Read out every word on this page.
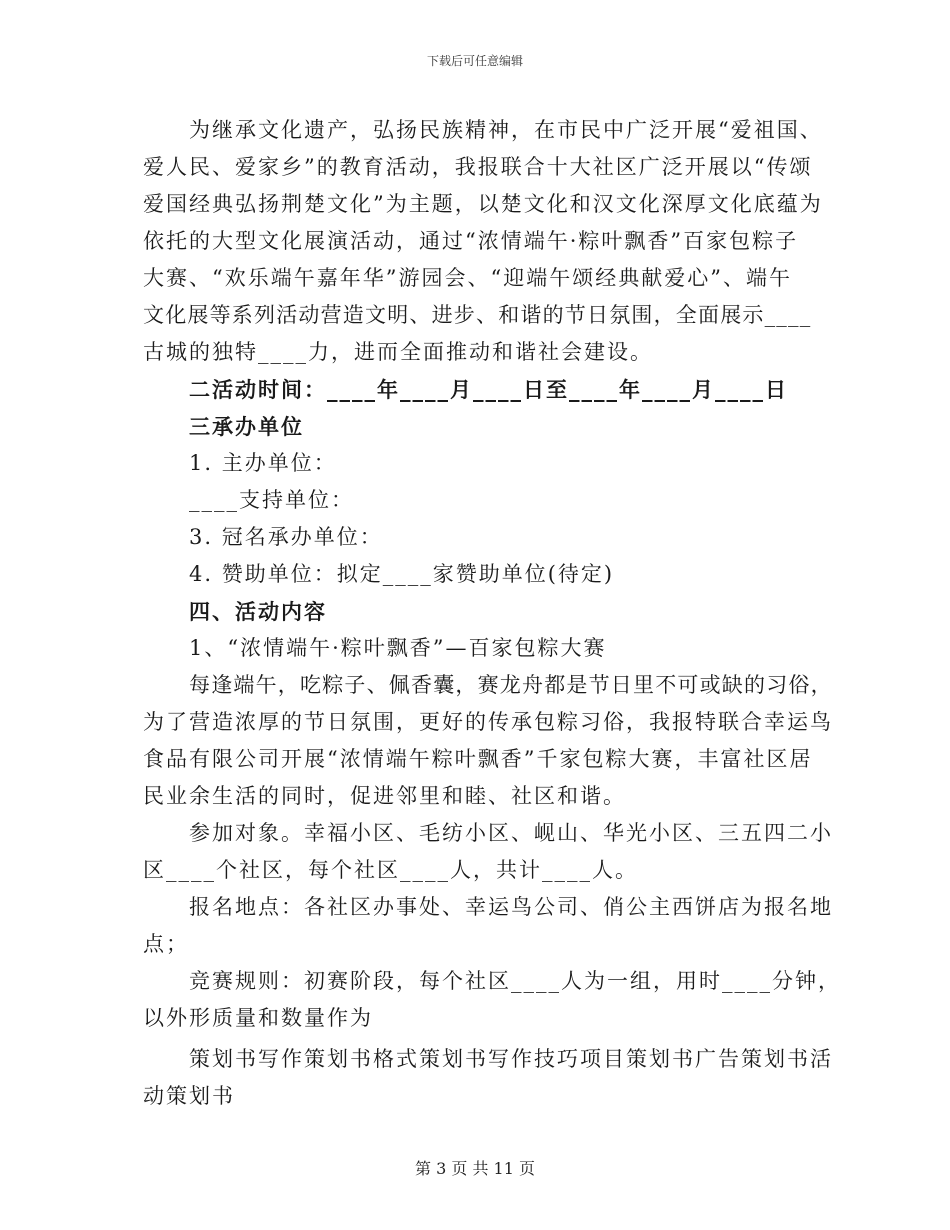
下载后可任意编辑
为继承文化遗产，弘扬民族精神，在市民中广泛开展“爱祖国、
爱人民、爱家乡”的教育活动，我报联合十大社区广泛开展以“传颂
爱国经典弘扬荆楚文化”为主题，以楚文化和汉文化深厚文化底蕴为
依托的大型文化展演活动，通过“浓情端午·粽叶飘香”百家包粽子
大赛、“欢乐端午嘉年华”游园会、“迎端午颂经典献爱心”、端午
文化展等系列活动营造文明、进步、和谐的节日氛围，全面展示____
古城的独特____力，进而全面推动和谐社会建设。
二活动时间：____年____月____日至____年____月____日
三承办单位
1. 主办单位：
____支持单位：
3. 冠名承办单位：
4. 赞助单位：拟定____家赞助单位(待定)
四、活动内容
1、“浓情端午·粽叶飘香”—百家包粽大赛
每逢端午，吃粽子、佩香囊，赛龙舟都是节日里不可或缺的习俗，
为了营造浓厚的节日氛围，更好的传承包粽习俗，我报特联合幸运鸟
食品有限公司开展“浓情端午粽叶飘香”千家包粽大赛，丰富社区居
民业余生活的同时，促进邻里和睦、社区和谐。
参加对象。幸福小区、毛纺小区、岘山、华光小区、三五四二小
区____个社区，每个社区____人，共计____人。
报名地点：各社区办事处、幸运鸟公司、俏公主西饼店为报名地
点；
竞赛规则：初赛阶段，每个社区____人为一组，用时____分钟，
以外形质量和数量作为
策划书写作策划书格式策划书写作技巧项目策划书广告策划书活
动策划书
第 3 页 共 11 页
